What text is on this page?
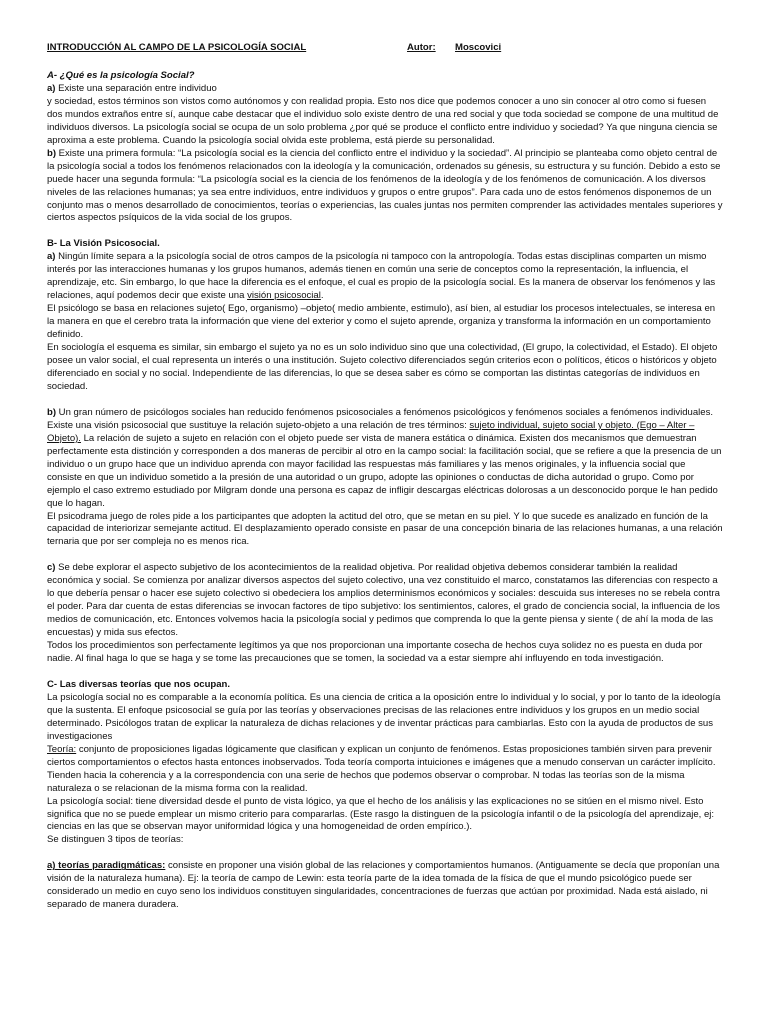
INTRODUCCIÓN AL CAMPO DE LA PSICOLOGÍA SOCIAL	Autor:	Moscovici

A- ¿Qué es la psicología Social?

a) Existe una separación entre individuo
y sociedad, estos términos son vistos como autónomos y con realidad propia. Esto nos dice que podemos conocer a uno sin conocer al otro como si fuesen dos mundos extraños entre sí, aunque cabe destacar que el individuo solo existe dentro de una red social y que toda sociedad se compone de una multitud de individuos diversos. La psicología social se ocupa de un solo problema ¿por qué se produce el conflicto entre individuo y sociedad? Ya que ninguna ciencia se aproxima a este problema. Cuando la psicología social olvida este problema, está pierde su personalidad.

b) Existe una primera formula: “La psicología social es la ciencia del conflicto entre el individuo y la sociedad”. Al principio se planteaba como objeto central de la psicología social a todos los fenómenos relacionados con la ideología y la comunicación, ordenados su génesis, su estructura y su función. Debido a esto se puede hacer una segunda formula: “La psicología social es la ciencia de los fenómenos de la ideología y de los fenómenos de comunicación. A los diversos niveles de las relaciones humanas; ya sea entre individuos, entre individuos y grupos o entre grupos”. Para cada uno de estos fenómenos disponemos de un conjunto mas o menos desarrollado de conocimientos, teorías o experiencias, las cuales juntas nos permiten comprender las actividades mentales superiores y ciertos aspectos psíquicos de la vida social de los grupos.

B- La Visión Psicosocial.

a) Ningún límite separa a la psicología social de otros campos de la psicología ni tampoco con la antropología. Todas estas disciplinas comparten un mismo interés por las interacciones humanas y los grupos humanos, además tienen en común una serie de conceptos como la representación, la influencia, el aprendizaje, etc. Sin embargo, lo que hace la diferencia es el enfoque, el cual es propio de la psicología social. Es la manera de observar los fenómenos y las relaciones, aquí podemos decir que existe una visión psicosocial.
El psicólogo se basa en relaciones sujeto( Ego, organismo) –objeto( medio ambiente, estimulo), así bien, al estudiar los procesos intelectuales, se interesa en la manera en que el cerebro trata la información que viene del exterior y como el sujeto aprende, organiza y transforma la información en un comportamiento definido.
En sociología el esquema es similar, sin embargo el sujeto ya no es un solo individuo sino que una colectividad, (El grupo, la colectividad, el Estado). El objeto posee un valor social, el cual representa un interés o una institución. Sujeto colectivo diferenciados según criterios econ o políticos, éticos o históricos y objeto diferenciado en social y no social. Independiente de las diferencias, lo que se desea saber es cómo se comportan las distintas categorías de individuos en sociedad.

b) Un gran número de psicólogos sociales han reducido fenómenos psicosociales a fenómenos psicológicos y fenómenos sociales a fenómenos individuales. Existe una visión psicosocial que sustituye la relación sujeto-objeto a una relación de tres términos: sujeto individual, sujeto social y objeto. (Ego – Alter – Objeto). La relación de sujeto a sujeto en relación con el objeto puede ser vista de manera estática o dinámica. Existen dos mecanismos que demuestran perfectamente esta distinción y corresponden a dos maneras de percibir al otro en la campo social: la facilitación social, que se refiere a que la presencia de un individuo o un grupo hace que un individuo aprenda con mayor facilidad las respuestas más familiares y las menos originales, y la influencia social que consiste en que un individuo sometido a la presión de una autoridad o un grupo, adopte las opiniones o conductas de dicha autoridad o grupo. Como por ejemplo el caso extremo estudiado por Milgram donde una persona es capaz de infligir descargas eléctricas dolorosas a un desconocido porque le han pedido que lo hagan.
El psicodrama juego de roles pide a los participantes que adopten la actitud del otro, que se metan en su piel. Y lo que sucede es analizado en función de la capacidad de interiorizar semejante actitud. El desplazamiento operado consiste en pasar de una concepción binaria de las relaciones humanas, a una relación ternaria que por ser compleja no es menos rica.

c) Se debe explorar el aspecto subjetivo de los acontecimientos de la realidad objetiva. Por realidad objetiva debemos considerar también la realidad económica y social. Se comienza por analizar diversos aspectos del sujeto colectivo, una vez constituido el marco, constatamos las diferencias con respecto a lo que debería pensar o hacer ese sujeto colectivo si obedeciera los amplios determinismos económicos y sociales: descuida sus intereses no se rebela contra el poder. Para dar cuenta de estas diferencias se invocan factores de tipo subjetivo: los sentimientos, calores, el grado de conciencia social, la influencia de los medios de comunicación, etc. Entonces volvemos hacia la psicología social y pedimos que comprenda lo que la gente piensa y siente ( de ahí la moda de las encuestas) y mida sus efectos.
Todos los procedimientos son perfectamente legítimos ya que nos proporcionan una importante cosecha de hechos cuya solidez no es puesta en duda por nadie. Al final haga lo que se haga y se tome las precauciones que se tomen, la sociedad va a estar siempre ahí influyendo en toda investigación.

C- Las diversas teorías que nos ocupan.

La psicología social no es comparable a la economía política. Es una ciencia de critica a la oposición entre lo individual y lo social, y por lo tanto de la ideología que la sustenta. El enfoque psicosocial se guía por las teorías y observaciones precisas de las relaciones entre individuos y los grupos en un medio social determinado. Psicólogos tratan de explicar la naturaleza de dichas relaciones y de inventar prácticas para cambiarlas. Esto con la ayuda de productos de sus investigaciones

Teoría: conjunto de proposiciones ligadas lógicamente que clasifican y explican un conjunto de fenómenos. Estas proposiciones también sirven para prevenir ciertos comportamientos o efectos hasta entonces inobservados. Toda teoría comporta intuiciones e imágenes que a menudo conservan un carácter implícito. Tienden hacia la coherencia y a la correspondencia con una serie de hechos que podemos observar o comprobar. N todas las teorías son de la misma naturaleza o se relacionan de la misma forma con la realidad.
La psicología social: tiene diversidad desde el punto de vista lógico, ya que el hecho de los análisis y las explicaciones no se sitúen en el mismo nivel. Esto significa que no se puede emplear un mismo criterio para compararlas. (Este rasgo la distinguen de la psicología infantil o de la psicología del aprendizaje, ej: ciencias en las que se observan mayor uniformidad lógica y una homogeneidad de orden empírico.).
Se distinguen 3 tipos de teorías:

a) teorías paradigmáticas: consiste en proponer una visión global de las relaciones y comportamientos humanos. (Antiguamente se decía que proponían una visión de la naturaleza humana). Ej: la teoría de campo de Lewin: esta teoría parte de la idea tomada de la física de que el mundo psicológico puede ser considerado un medio en cuyo seno los individuos constituyen singularidades, concentraciones de fuerzas que actúan por proximidad. Nada está aislado, ni separado de manera duradera.
